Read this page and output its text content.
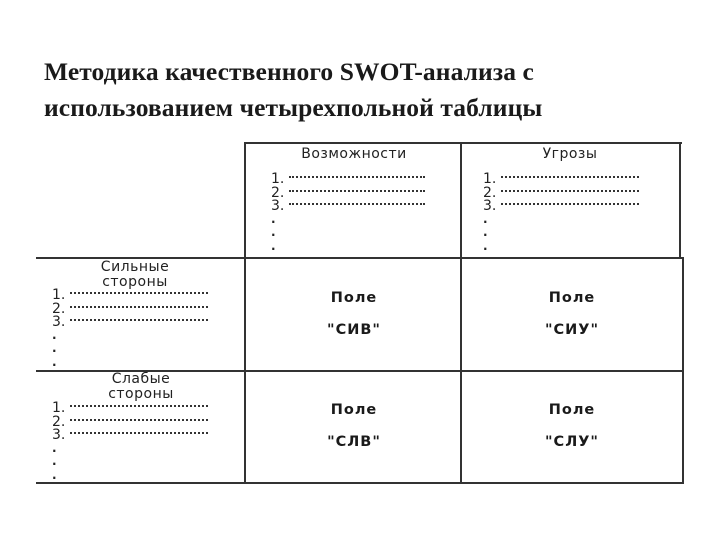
Методика качественного SWOT-анализа с
использованием четырехпольной таблицы
Возможности	Угрозы
1.
2.
3.
.
.
.
1.
2.
3.
.
.
.
Сильные
стороны
1.
2.
3.
.
.
.
Слабые
стороны
1.
2.
3.
.
.
.
Поле
"СИВ"
Поле
"СИУ"
Поле
"СЛВ"
Поле
"СЛУ"
